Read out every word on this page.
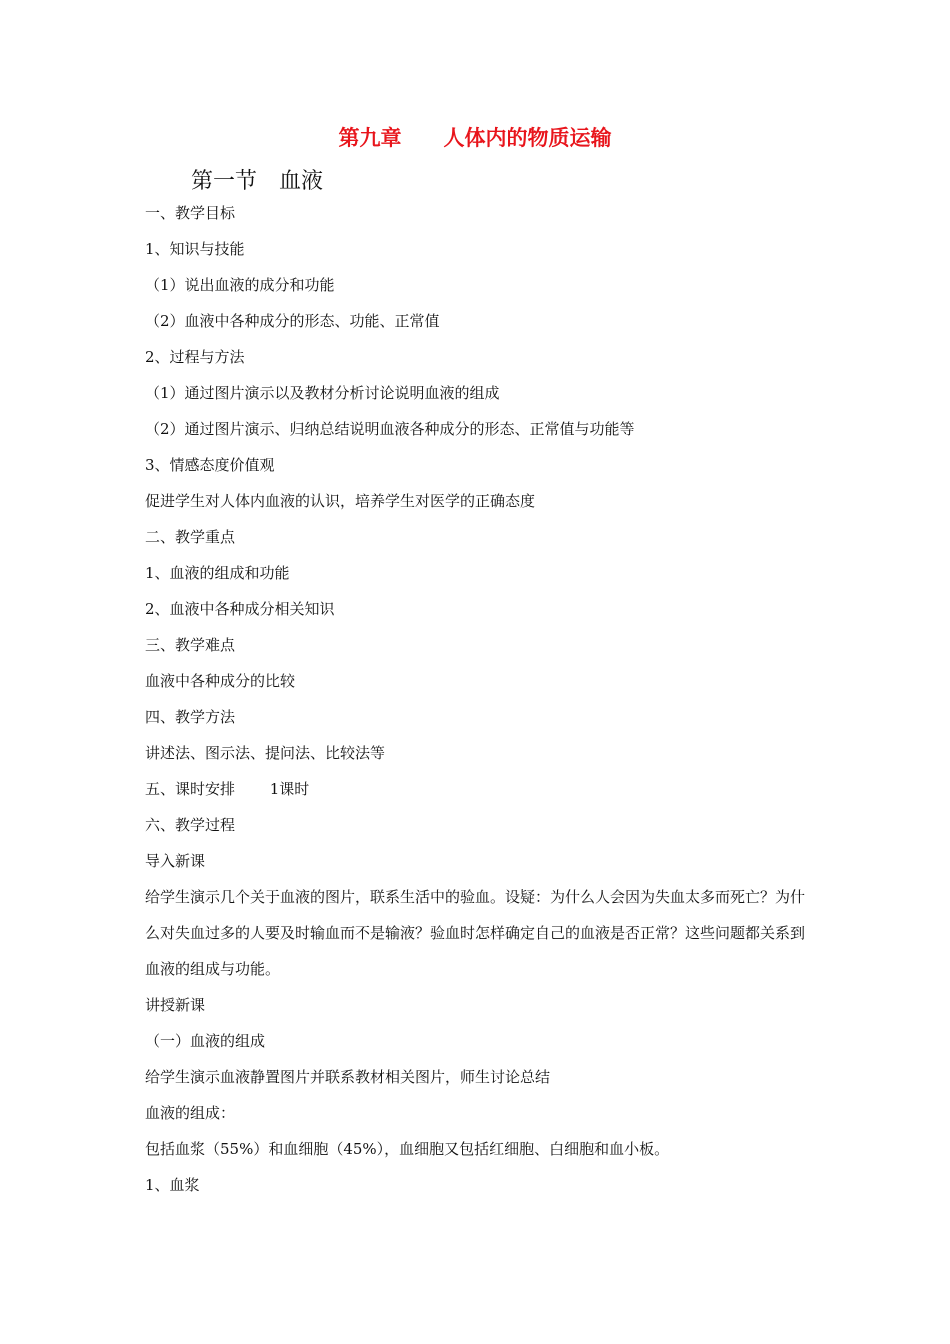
第九章　　人体内的物质运输
第一节　血液
一、教学目标
1、知识与技能
（1）说出血液的成分和功能
（2）血液中各种成分的形态、功能、正常值
2、过程与方法
（1）通过图片演示以及教材分析讨论说明血液的组成
（2）通过图片演示、归纳总结说明血液各种成分的形态、正常值与功能等
3、情感态度价值观
促进学生对人体内血液的认识，培养学生对医学的正确态度
二、教学重点
1、血液的组成和功能
2、血液中各种成分相关知识
三、教学难点
血液中各种成分的比较
四、教学方法
讲述法、图示法、提问法、比较法等
五、课时安排　　 1课时
六、教学过程
导入新课
给学生演示几个关于血液的图片，联系生活中的验血。设疑：为什么人会因为失血太多而死亡？为什么对失血过多的人要及时输血而不是输液？验血时怎样确定自己的血液是否正常？这些问题都关系到血液的组成与功能。
讲授新课
（一）血液的组成
给学生演示血液静置图片并联系教材相关图片，师生讨论总结
血液的组成：
包括血浆（55%）和血细胞（45%），血细胞又包括红细胞、白细胞和血小板。
1、血浆
